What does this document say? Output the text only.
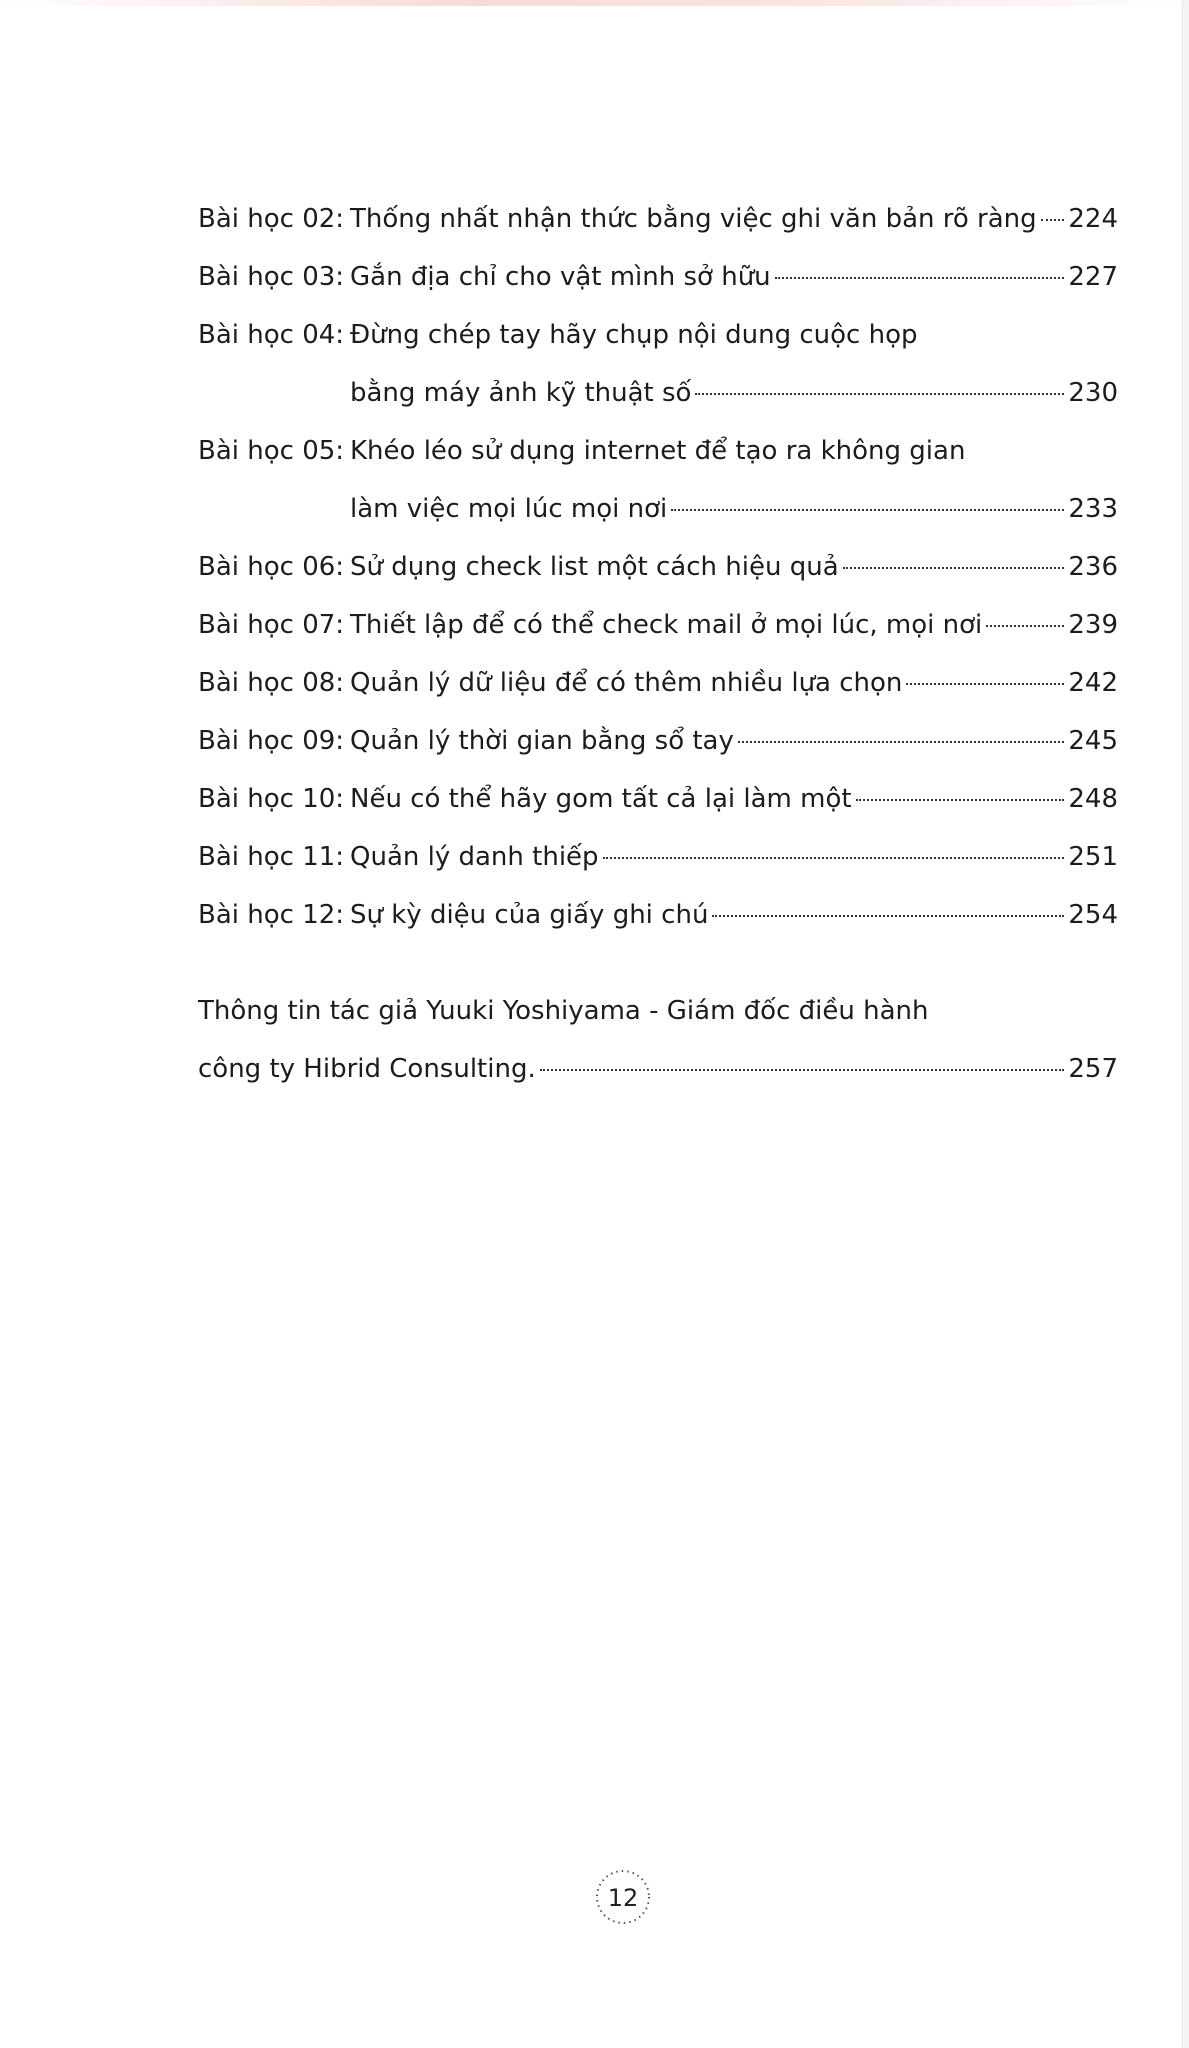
Bài học 02: Thống nhất nhận thức bằng việc ghi văn bản rõ ràng 224
Bài học 03: Gắn địa chỉ cho vật mình sở hữu	227
Bài học 04: Đừng chép tay hãy chụp nội dung cuộc họp
bằng máy ảnh kỹ thuật số	230
Bài học 05: Khéo léo sử dụng internet để tạo ra không gian
làm việc mọi lúc mọi nơi	233
Bài học 06: Sử dụng check list một cách hiệu quả	236
Bài học 07: Thiết lập để có thể check mail ở mọi lúc, mọi nơi	239
Bài học 08: Quản lý dữ liệu để có thêm nhiều lựa chọn	242
Bài học 09: Quản lý thời gian bằng sổ tay	245
Bài học 10: Nếu có thể hãy gom tất cả lại làm một	248
Bài học 11: Quản lý danh thiếp	251
Bài học 12: Sự kỳ diệu của giấy ghi chú	254
Thông tin tác giả Yuuki Yoshiyama - Giám đốc điều hành
công ty Hibrid Consulting.	257
12
